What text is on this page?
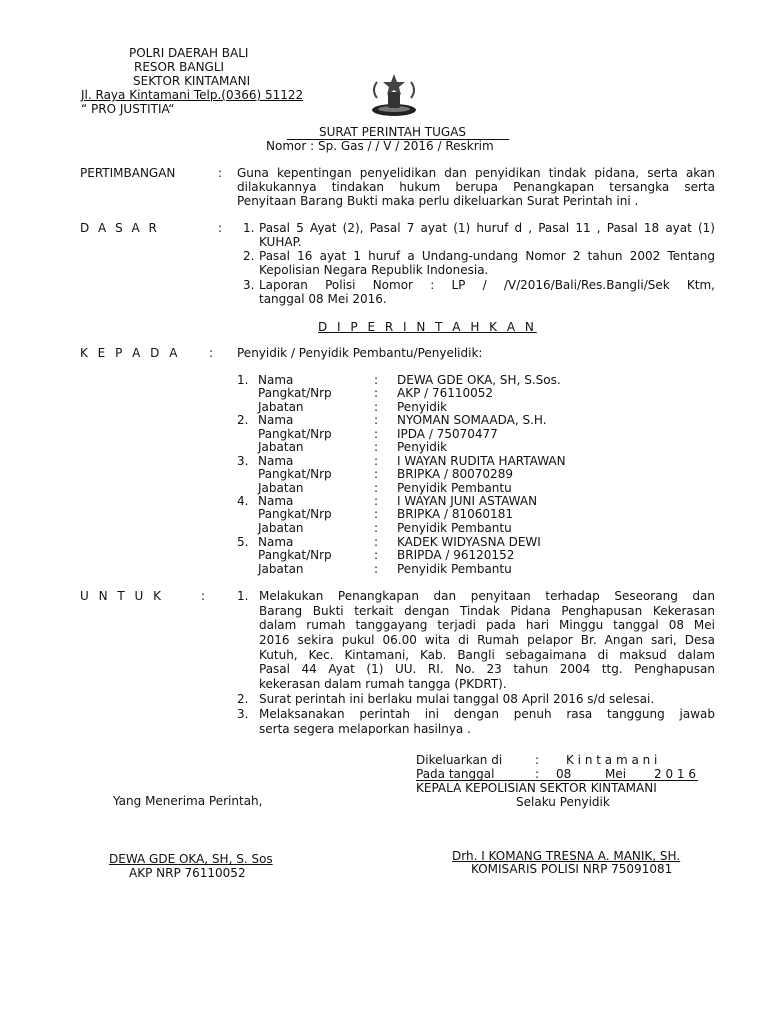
POLRI DAERAH BALI
RESOR BANGLI
SEKTOR KINTAMANI
Jl. Raya Kintamani Telp.(0366) 51122
“ PRO JUSTITIA“
SURAT PERINTAH TUGAS
Nomor : Sp. Gas / / V / 2016 / Reskrim
PERTIMBANGAN	: Guna kepentingan penyelidikan dan penyidikan tindak pidana, serta akan
dilakukannya tindakan hukum berupa Penangkapan tersangka serta
Penyitaan Barang Bukti maka perlu dikeluarkan Surat Perintah ini .
D A S A R	: 1. Pasal 5 Ayat (2), Pasal 7 ayat (1) huruf d , Pasal 11 , Pasal 18 ayat (1)
KUHAP.
2. Pasal 16 ayat 1 huruf a Undang-undang Nomor 2 tahun 2002 Tentang
Kepolisian Negara Republik Indonesia.
3. Laporan Polisi Nomor : LP / /V/2016/Bali/Res.Bangli/Sek Ktm,
tanggal 08 Mei 2016.
D I P E R I N T A H K A N
K E P A D A : Penyidik / Penyidik Pembantu/Penyelidik:
1. Nama	: DEWA GDE OKA, SH, S.Sos.
Pangkat/Nrp	: AKP / 76110052
Jabatan	: Penyidik
2. Nama	: NYOMAN SOMAADA, S.H.
Pangkat/Nrp	: IPDA / 75070477
Jabatan	: Penyidik
3. Nama	: I WAYAN RUDITA HARTAWAN
Pangkat/Nrp	: BRIPKA / 80070289
Jabatan	: Penyidik Pembantu
4. Nama	: I WAYAN JUNI ASTAWAN
Pangkat/Nrp	: BRIPKA / 81060181
Jabatan	: Penyidik Pembantu
5. Nama	: KADEK WIDYASNA DEWI
Pangkat/Nrp	: BRIPDA / 96120152
Jabatan	: Penyidik Pembantu
U N T U K	:	1. Melakukan Penangkapan dan penyitaan terhadap Seseorang dan
Barang Bukti terkait dengan Tindak Pidana Penghapusan Kekerasan
dalam rumah tanggayang terjadi pada hari Minggu tanggal 08 Mei
2016 sekira pukul 06.00 wita di Rumah pelapor Br. Angan sari, Desa
Kutuh, Kec. Kintamani, Kab. Bangli sebagaimana di maksud dalam
Pasal 44 Ayat (1) UU. RI. No. 23 tahun 2004 ttg. Penghapusan
kekerasan dalam rumah tangga (PKDRT).
2. Surat perintah ini berlaku mulai tanggal 08 April 2016 s/d selesai.
3. Melaksanakan perintah ini dengan penuh rasa tanggung jawab
serta segera melaporkan hasilnya .
Dikeluarkan di	: K i n t a m a n i
Pada tanggal	: 08	Mei 2 0 1 6
KEPALA KEPOLISIAN SEKTOR KINTAMANI
Selaku Penyidik
Yang Menerima Perintah,
DEWA GDE OKA, SH, S. Sos
AKP NRP 76110052
Drh. I KOMANG TRESNA A. MANIK, SH.
KOMISARIS POLISI NRP 75091081
